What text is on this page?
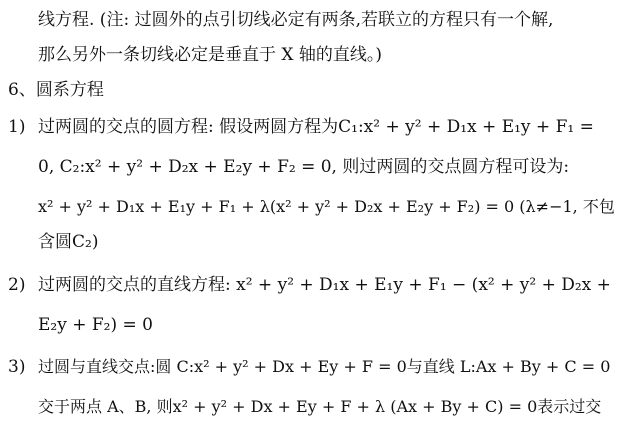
线方程. (注: 过圆外的点引切线必定有两条,若联立的方程只有一个解,
那么另外一条切线必定是垂直于 X 轴的直线。)
6、圆系方程
1) 过两圆的交点的圆方程: 假设两圆方程为C₁:x² + y² + D₁x + E₁y + F₁ =
0, C₂:x² + y² + D₂x + E₂y + F₂ = 0, 则过两圆的交点圆方程可设为:
x² + y² + D₁x + E₁y + F₁ + λ(x² + y² + D₂x + E₂y + F₂) = 0 (λ≠−1, 不包
含圆C₂)
2) 过两圆的交点的直线方程: x² + y² + D₁x + E₁y + F₁ − (x² + y² + D₂x +
E₂y + F₂) = 0
3) 过圆与直线交点:圆 C:x² + y² + Dx + Ey + F = 0与直线 L:Ax + By + C = 0
交于两点 A、B, 则x² + y² + Dx + Ey + F + λ (Ax + By + C) = 0表示过交
